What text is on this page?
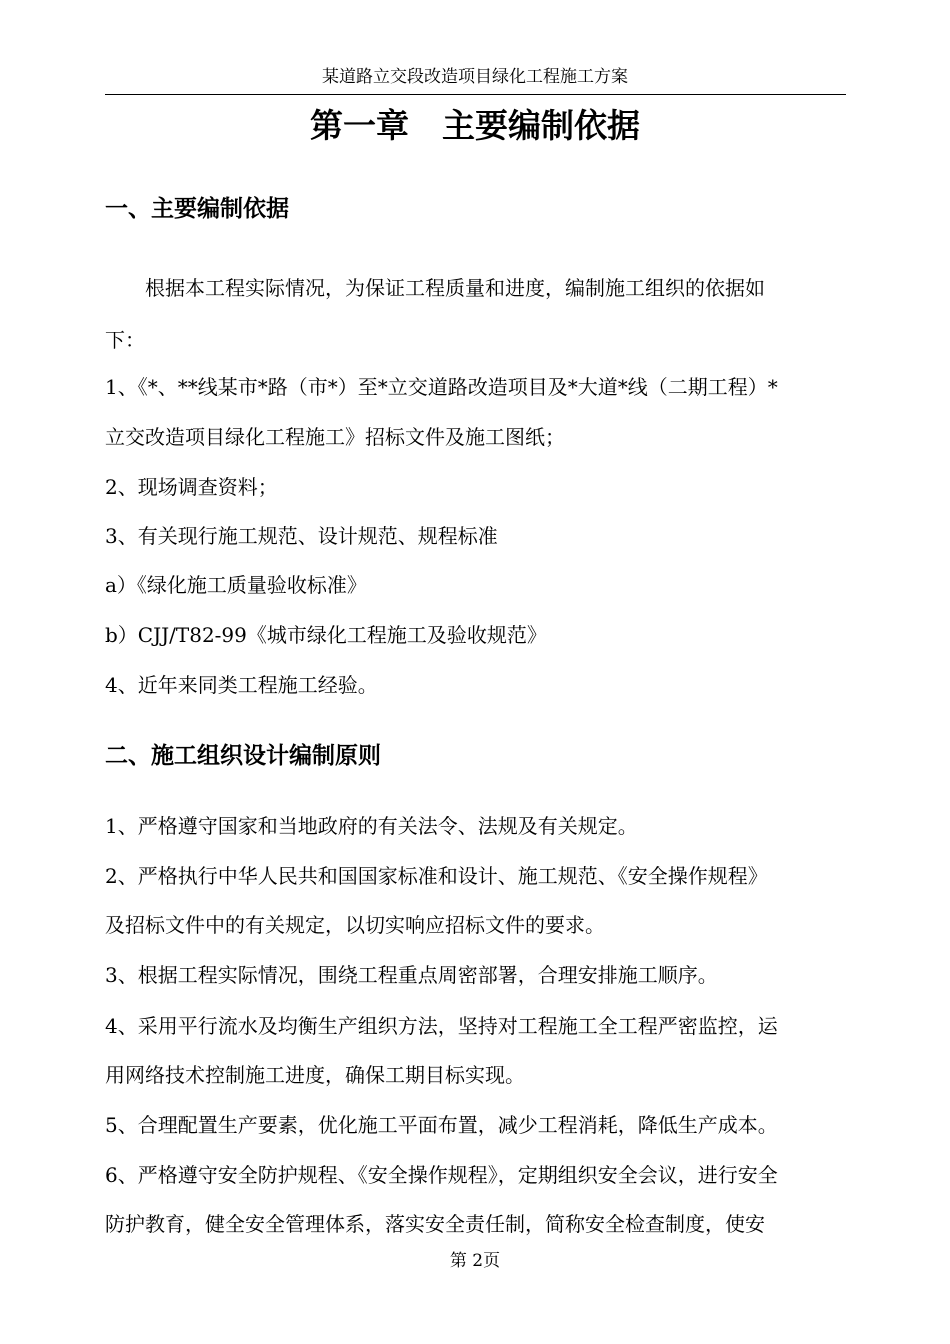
某道路立交段改造项目绿化工程施工方案
第一章　主要编制依据
一、主要编制依据
　　根据本工程实际情况，为保证工程质量和进度，编制施工组织的依据如
下：
1、《*、**线某市*路（市*）至*立交道路改造项目及*大道*线（二期工程）*
立交改造项目绿化工程施工》招标文件及施工图纸；
2、现场调查资料；
3、有关现行施工规范、设计规范、规程标准
a）《绿化施工质量验收标准》
b）CJJ/T82-99《城市绿化工程施工及验收规范》
4、近年来同类工程施工经验。
二、施工组织设计编制原则
1、严格遵守国家和当地政府的有关法令、法规及有关规定。
2、严格执行中华人民共和国国家标准和设计、施工规范、《安全操作规程》
及招标文件中的有关规定，以切实响应招标文件的要求。
3、根据工程实际情况，围绕工程重点周密部署，合理安排施工顺序。
4、采用平行流水及均衡生产组织方法，坚持对工程施工全工程严密监控，运
用网络技术控制施工进度，确保工期目标实现。
5、合理配置生产要素，优化施工平面布置，减少工程消耗，降低生产成本。
6、严格遵守安全防护规程、《安全操作规程》，定期组织安全会议，进行安全
防护教育，健全安全管理体系，落实安全责任制，简称安全检查制度，使安
第 2页
